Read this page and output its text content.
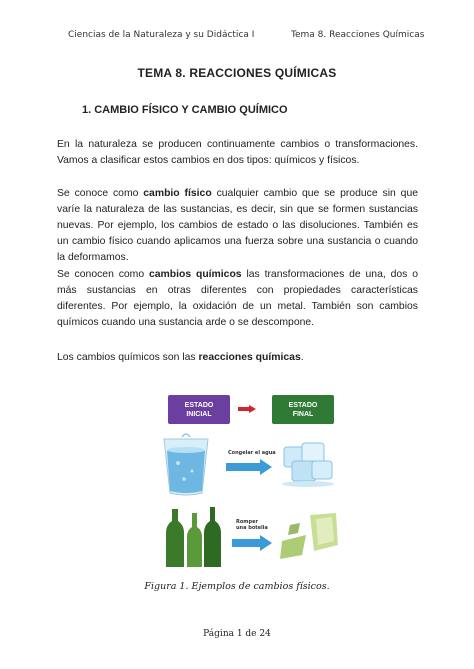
Ciencias de la Naturaleza y su Didáctica I	Tema 8. Reacciones Químicas
TEMA 8. REACCIONES QUÍMICAS
1. CAMBIO FÍSICO Y CAMBIO QUÍMICO
En la naturaleza se producen continuamente cambios o transformaciones. Vamos a clasificar estos cambios en dos tipos: químicos y físicos.
Se conoce como cambio físico cualquier cambio que se produce sin que varíe la naturaleza de las sustancias, es decir, sin que se formen sustancias nuevas. Por ejemplo, los cambios de estado o las disoluciones. También es un cambio físico cuando aplicamos una fuerza sobre una sustancia o cuando la deformamos.
Se conocen como cambios químicos las transformaciones de una, dos o más sustancias en otras diferentes con propiedades características diferentes. Por ejemplo, la oxidación de un metal. También son cambios químicos cuando una sustancia arde o se descompone.
Los cambios químicos son las reacciones químicas.
ESTADO
INICIAL
ESTADO
FINAL
Congelar el agua
Romper una botella
Figura 1. Ejemplos de cambios físicos.
Página 1 de 24
